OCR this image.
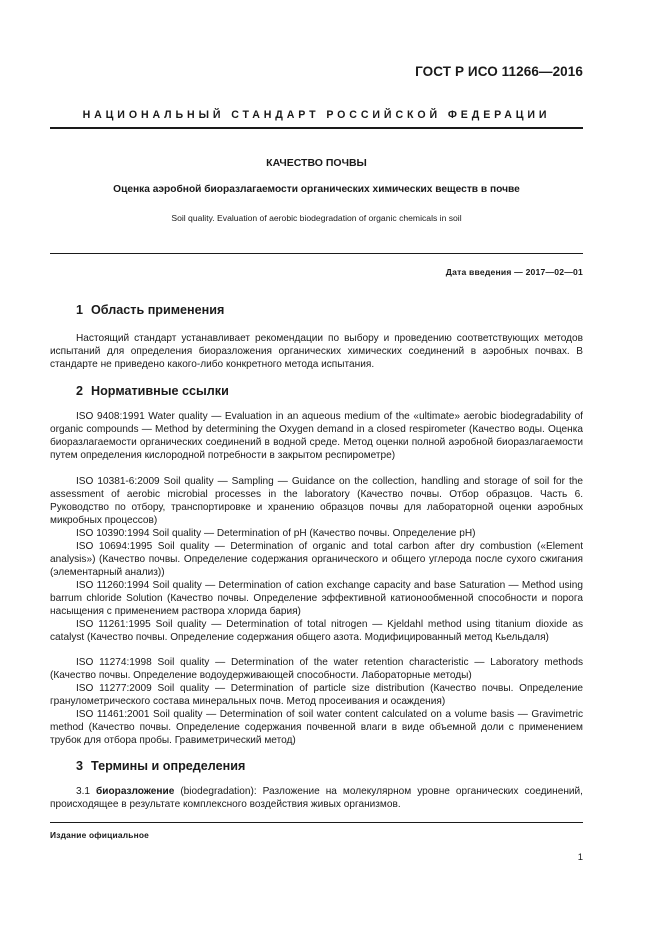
ГОСТ Р ИСО 11266—2016
НАЦИОНАЛЬНЫЙ СТАНДАРТ РОССИЙСКОЙ ФЕДЕРАЦИИ
КАЧЕСТВО ПОЧВЫ
Оценка аэробной биоразлагаемости органических химических веществ в почве
Soil quality. Evaluation of aerobic biodegradation of organic chemicals in soil
Дата введения — 2017—02—01
1 Область применения
Настоящий стандарт устанавливает рекомендации по выбору и проведению соответствующих методов испытаний для определения биоразложения органических химических соединений в аэробных почвах. В стандарте не приведено какого-либо конкретного метода испытания.
2 Нормативные ссылки
ISO 9408:1991 Water quality — Evaluation in an aqueous medium of the «ultimate» aerobic biodegradability of organic compounds — Method by determining the Oxygen demand in a closed respirometer (Качество воды. Оценка биоразлагаемости органических соединений в водной среде. Метод оценки полной аэробной биоразлагаемости путем определения кислородной потребности в закрытом респирометре)
ISO 10381-6:2009 Soil quality — Sampling — Guidance on the collection, handling and storage of soil for the assessment of aerobic microbial processes in the laboratory (Качество почвы. Отбор образцов. Часть 6. Руководство по отбору, транспортировке и хранению образцов почвы для лабораторной оценки аэробных микробных процессов)
ISO 10390:1994 Soil quality — Determination of pH (Качество почвы. Определение pH)
ISO 10694:1995 Soil quality — Determination of organic and total carbon after dry combustion («Element analysis») (Качество почвы. Определение содержания органического и общего углерода после сухого сжигания (элементарный анализ))
ISO 11260:1994 Soil quality — Determination of cation exchange capacity and base Saturation — Method using barrum chloride Solution (Качество почвы. Определение эффективной катионообменной способности и порога насыщения с применением раствора хлорида бария)
ISO 11261:1995 Soil quality — Determination of total nitrogen — Kjeldahl method using titanium dioxide as catalyst (Качество почвы. Определение содержания общего азота. Модифицированный метод Кьельдаля)
ISO 11274:1998 Soil quality — Determination of the water retention characteristic — Laboratory methods (Качество почвы. Определение водоудерживающей способности. Лабораторные методы)
ISO 11277:2009 Soil quality — Determination of particle size distribution (Качество почвы. Определение гранулометрического состава минеральных почв. Метод просеивания и осаждения)
ISO 11461:2001 Soil quality — Determination of soil water content calculated on a volume basis — Gravimetric method (Качество почвы. Определение содержания почвенной влаги в виде объемной доли с применением трубок для отбора пробы. Гравиметрический метод)
3 Термины и определения
3.1 биоразложение (biodegradation): Разложение на молекулярном уровне органических соединений, происходящее в результате комплексного воздействия живых организмов.
Издание официальное
1
